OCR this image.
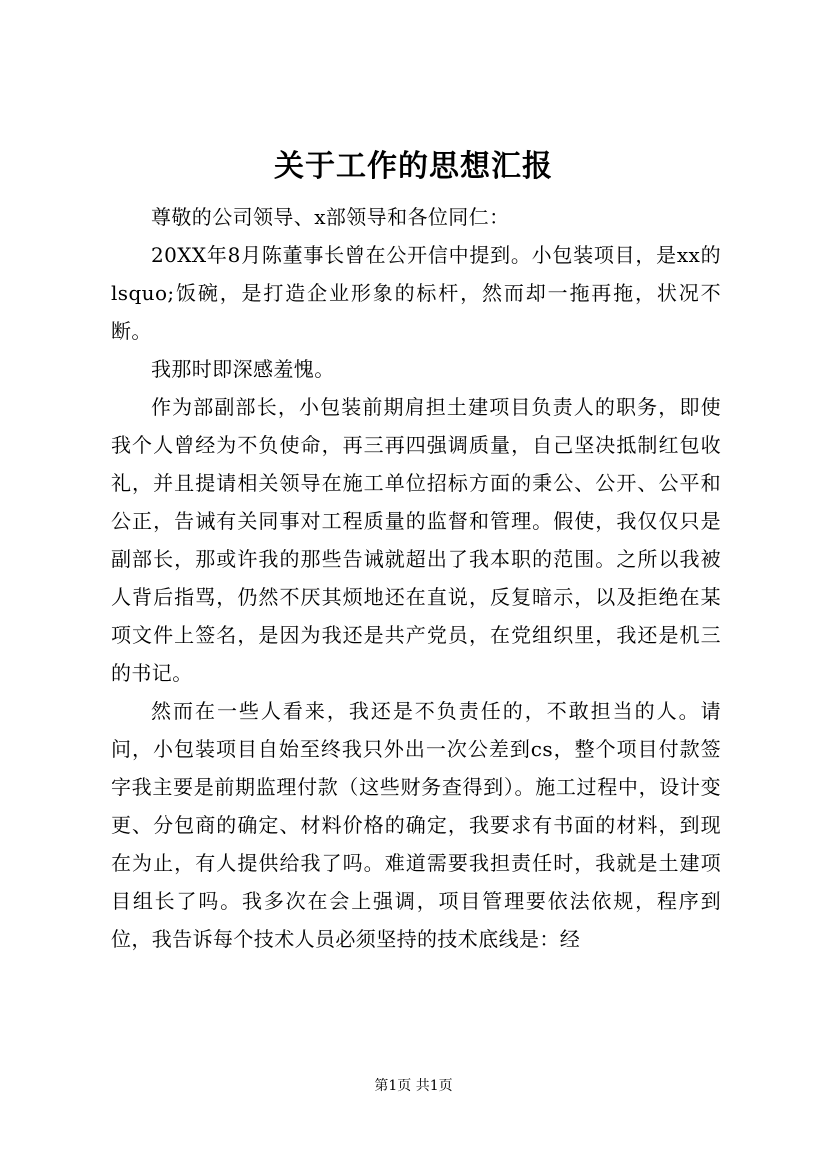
关于工作的思想汇报

尊敬的公司领导、x部领导和各位同仁：

20XX年8月陈董事长曾在公开信中提到。小包装项目，是xx的lsquo;饭碗，是打造企业形象的标杆，然而却一拖再拖，状况不断。

我那时即深感羞愧。

作为部副部长，小包装前期肩担土建项目负责人的职务，即使我个人曾经为不负使命，再三再四强调质量，自己坚决抵制红包收礼，并且提请相关领导在施工单位招标方面的秉公、公开、公平和公正，告诫有关同事对工程质量的监督和管理。假使，我仅仅只是副部长，那或许我的那些告诫就超出了我本职的范围。之所以我被人背后指骂，仍然不厌其烦地还在直说，反复暗示，以及拒绝在某项文件上签名，是因为我还是共产党员，在党组织里，我还是机三的书记。

然而在一些人看来，我还是不负责任的，不敢担当的人。请问，小包装项目自始至终我只外出一次公差到cs，整个项目付款签字我主要是前期监理付款（这些财务查得到）。施工过程中，设计变更、分包商的确定、材料价格的确定，我要求有书面的材料，到现在为止，有人提供给我了吗。难道需要我担责任时，我就是土建项目组长了吗。我多次在会上强调，项目管理要依法依规，程序到位，我告诉每个技术人员必须坚持的技术底线是：经

第1页 共1页
